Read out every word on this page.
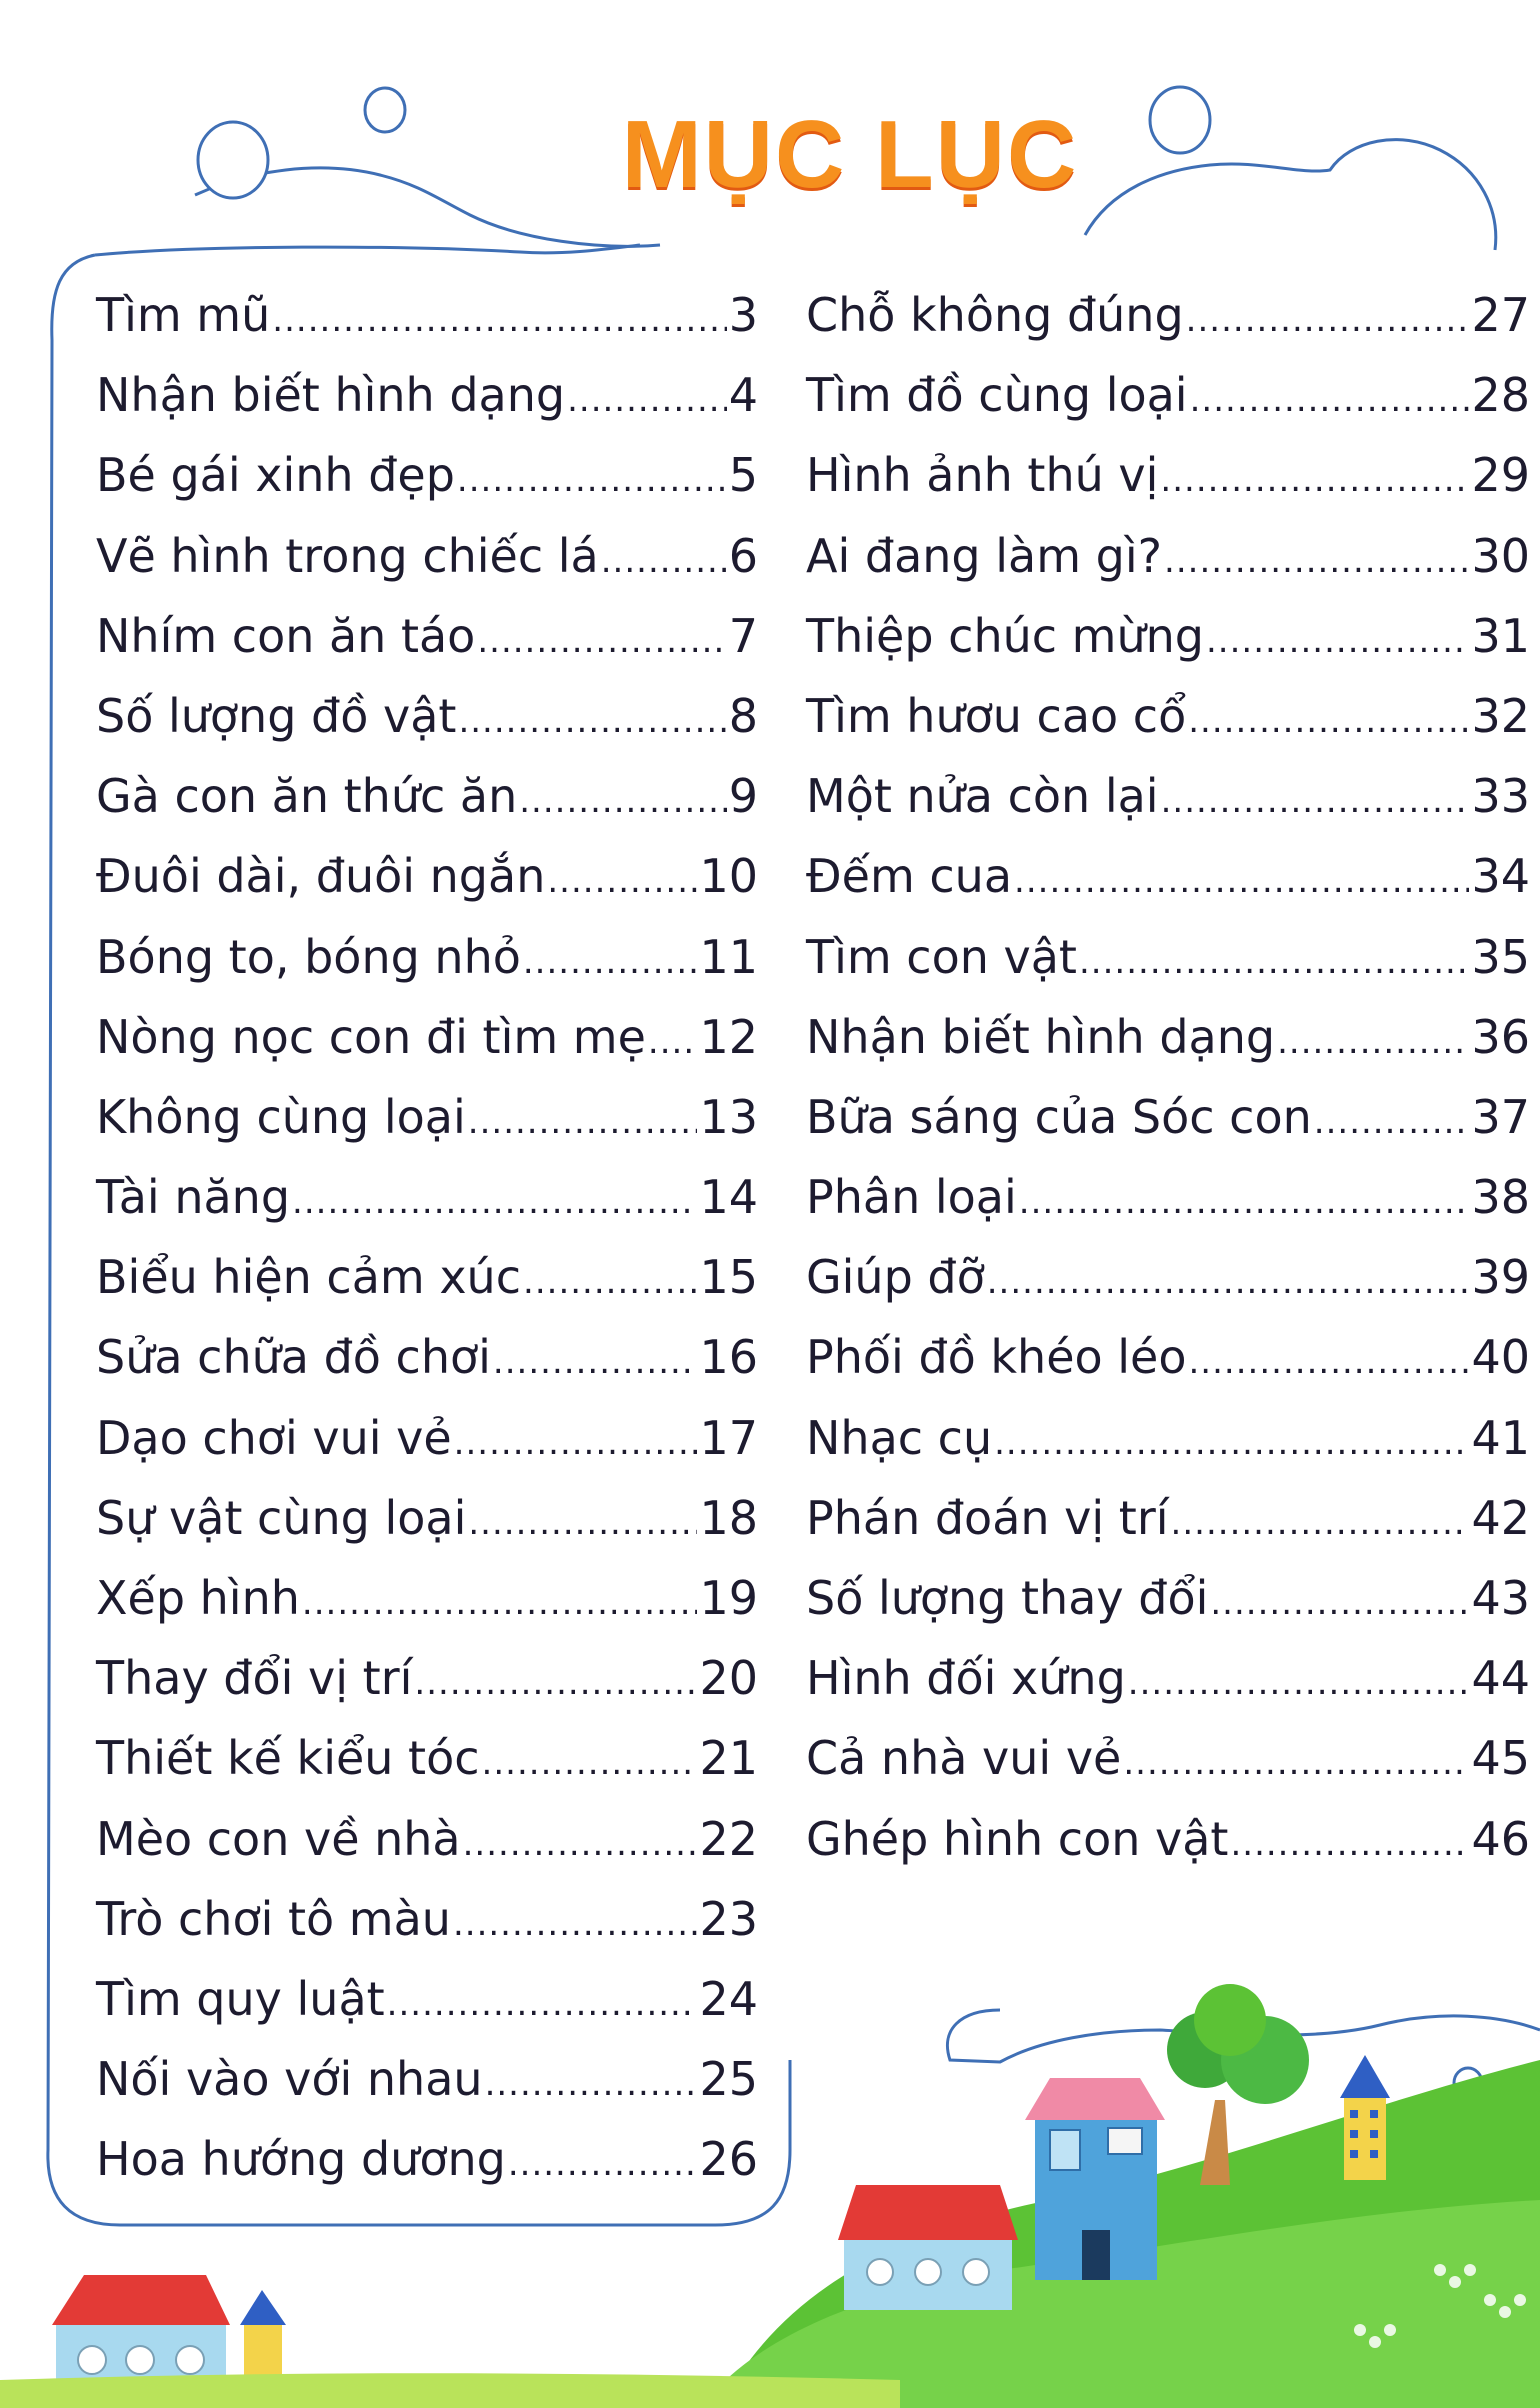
MỤC LỤC
Tìm mũ .....	3
Nhận biết hình dạng .....	4
Bé gái xinh đẹp .....	5
Vẽ hình trong chiếc lá .....	6
Nhím con ăn táo .....	7
Số lượng đồ vật .....	8
Gà con ăn thức ăn .....	9
Đuôi dài, đuôi ngắn .....	10
Bóng to, bóng nhỏ .....	11
Nòng nọc con đi tìm mẹ ..... 12
Không cùng loại .....	13
Tài năng .....	14
Biểu hiện cảm xúc .....	15
Sửa chữa đồ chơi .....	16
Dạo chơi vui vẻ .....	17
Sự vật cùng loại .....	18
Xếp hình .....	19
Thay đổi vị trí .....	20
Thiết kế kiểu tóc .....	21
Mèo con về nhà .....	22
Trò chơi tô màu .....	23
Tìm quy luật .....	24
Nối vào với nhau .....	25
Hoa hướng dương .....	26
Chỗ không đúng .....	27
Tìm đồ cùng loại .....	28
Hình ảnh thú vị .....	29
Ai đang làm gì? .....	30
Thiệp chúc mừng .....	31
Tìm hươu cao cổ .....	32
Một nửa còn lại .....	33
Đếm cua .....	34
Tìm con vật .....	35
Nhận biết hình dạng .....	36
Bữa sáng của Sóc con .....	37
Phân loại .....	38
Giúp đỡ .....	39
Phối đồ khéo léo .....	40
Nhạc cụ .....	41
Phán đoán vị trí .....	42
Số lượng thay đổi .....	43
Hình đối xứng .....	44
Cả nhà vui vẻ .....	45
Ghép hình con vật .....	46
